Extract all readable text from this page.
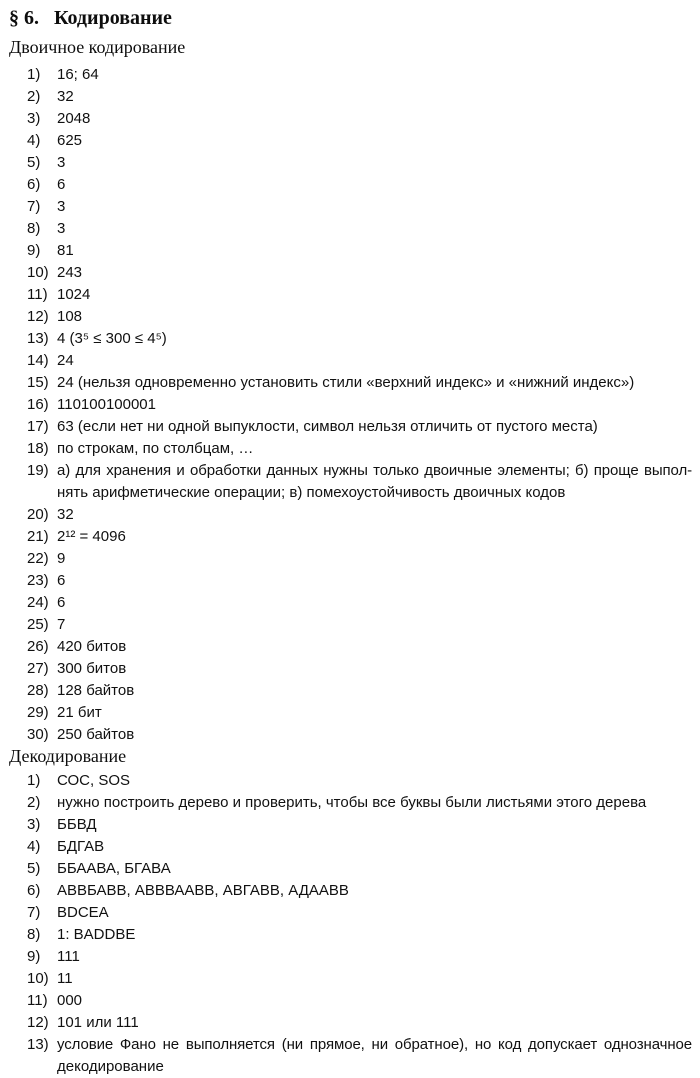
§ 6. Кодирование
Двоичное кодирование
1)	16; 64
2)	32
3)	2048
4)	625
5)	3
6)	6
7)	3
8)	3
9)	81
10) 243
11) 1024
12) 108
13) 4 (3⁵ ≤ 300 ≤ 4⁵)
14) 24
15) 24 (нельзя одновременно установить стили «верхний индекс» и «нижний индекс»)
16) 110100100001
17) 63 (если нет ни одной выпуклости, символ нельзя отличить от пустого места)
18) по строкам, по столбцам, …
19) а) для хранения и обработки данных нужны только двоичные элементы; б) проще выпол-
нять арифметические операции; в) помехоустойчивость двоичных кодов
20) 32
21) 2¹² = 4096
22) 9
23) 6
24) 6
25) 7
26) 420 битов
27) 300 битов
28) 128 байтов
29) 21 бит
30) 250 байтов
Декодирование
1)	СОС, SOS
2)	нужно построить дерево и проверить, чтобы все буквы были листьями этого дерева
3)	ББВД
4)	БДГАВ
5)	ББААВА, БГАВА
6)	АВВБАВВ, АВВВААВВ, АВГАВВ, АДААВВ
7)	BDCEA
8)	1: BADDBE
9)	111
10) 11
11) 000
12) 101 или 111
13) условие Фано не выполняется (ни прямое, ни обратное), но код допускает однозначное
декодирование
